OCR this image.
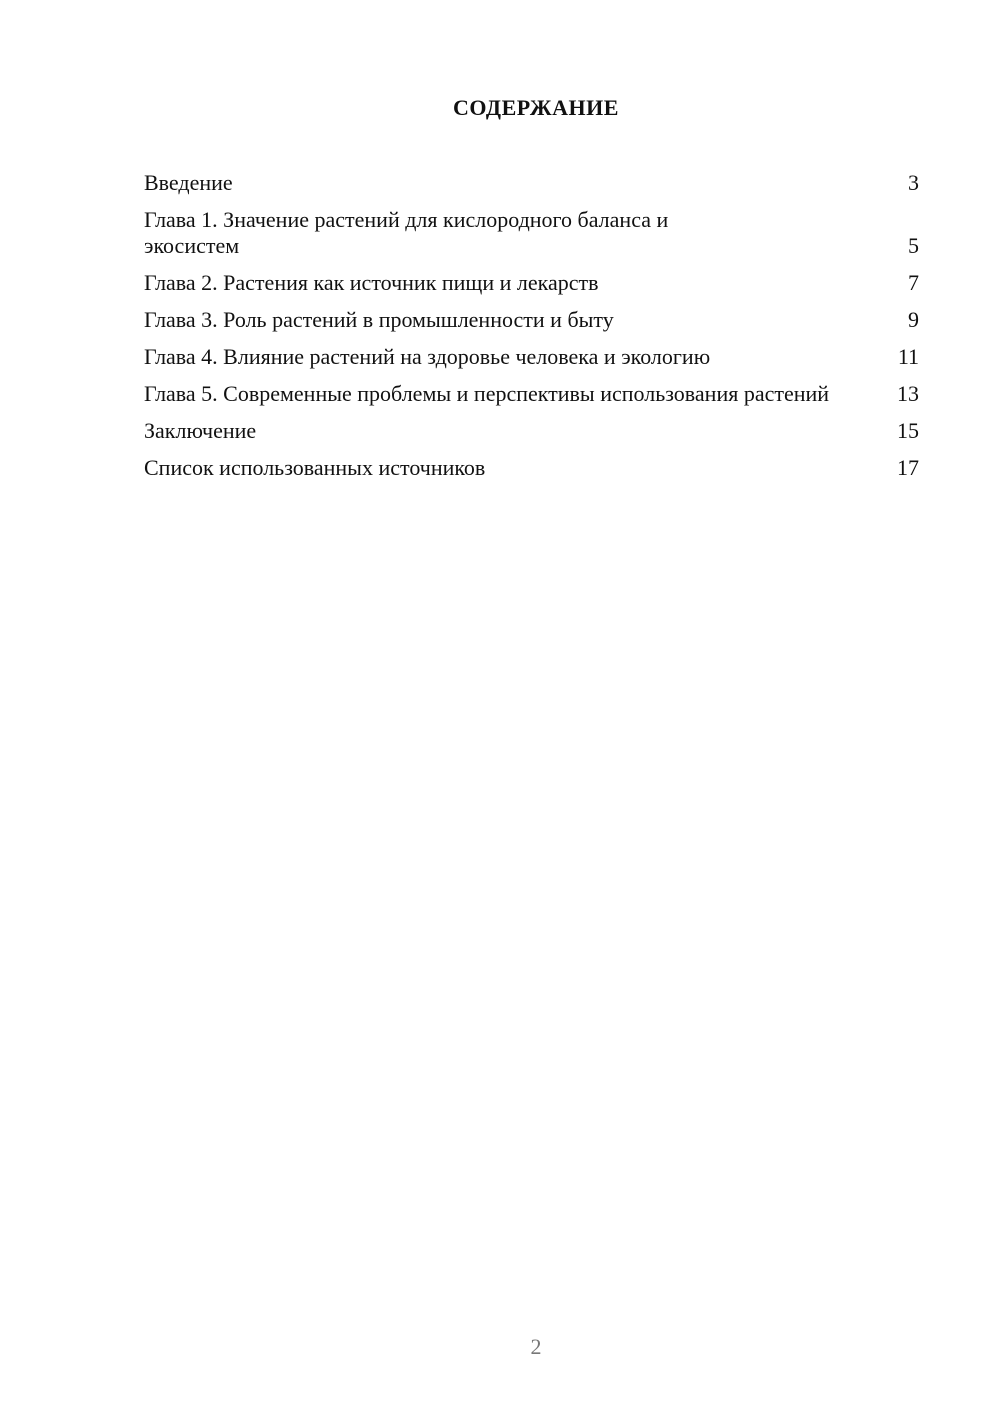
СОДЕРЖАНИЕ
Введение	3
Глава 1. Значение растений для кислородного баланса и экосистем	5
Глава 2. Растения как источник пищи и лекарств	7
Глава 3. Роль растений в промышленности и быту	9
Глава 4. Влияние растений на здоровье человека и экологию	11
Глава 5. Современные проблемы и перспективы использования растений	13
Заключение	15
Список использованных источников	17
2
